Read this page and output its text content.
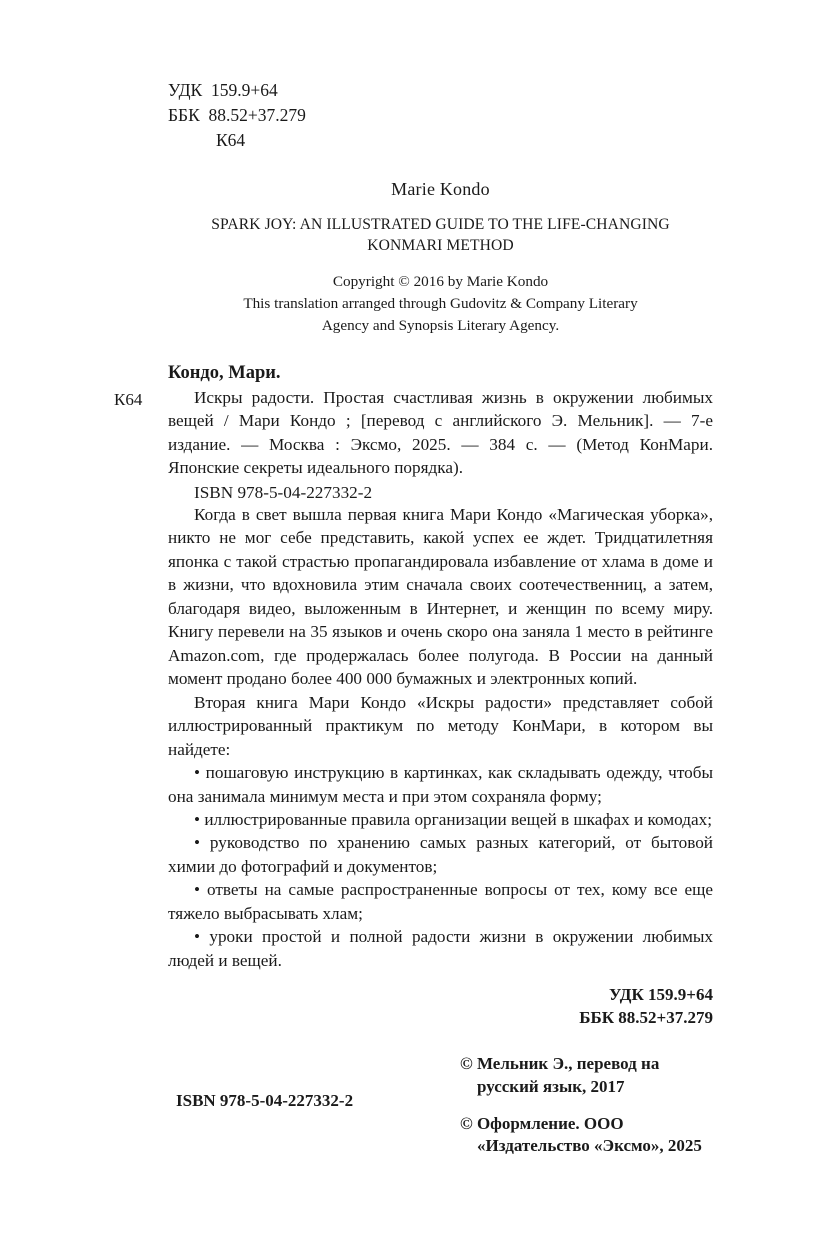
УДК  159.9+64
ББК  88.52+37.279
К64
Marie Kondo
SPARK JOY: AN ILLUSTRATED GUIDE TO THE LIFE-CHANGING
KONMARI METHOD
Copyright © 2016 by Marie Kondo
This translation arranged through Gudovitz & Company Literary
Agency and Synopsis Literary Agency.
К64
Кондо, Мари.
Искры радости. Простая счастливая жизнь в окружении любимых вещей / Мари Кондо ; [перевод с английского Э. Мельник]. — 7-е издание. — Москва : Эксмо, 2025. — 384 с. — (Метод КонМари. Японские секреты идеального порядка).
ISBN 978-5-04-227332-2

Когда в свет вышла первая книга Мари Кондо «Магическая уборка», никто не мог себе представить, какой успех ее ждет. Тридцатилетняя японка с такой страстью пропагандировала избавление от хлама в доме и в жизни, что вдохновила этим сначала своих соотечественниц, а затем, благодаря видео, выложенным в Интернет, и женщин по всему миру. Книгу перевели на 35 языков и очень скоро она заняла 1 место в рейтинге Amazon.com, где продержалась более полугода. В России на данный момент продано более 400 000 бумажных и электронных копий.

Вторая книга Мари Кондо «Искры радости» представляет собой иллюстрированный практикум по методу КонМари, в котором вы найдете:

• пошаговую инструкцию в картинках, как складывать одежду, чтобы она занимала минимум места и при этом сохраняла форму;

• иллюстрированные правила организации вещей в шкафах и комодах;

• руководство по хранению самых разных категорий, от бытовой химии до фотографий и документов;

• ответы на самые распространенные вопросы от тех, кому все еще тяжело выбрасывать хлам;

• уроки простой и полной радости жизни в окружении любимых людей и вещей.

УДК 159.9+64
ББК 88.52+37.279
© Мельник Э., перевод на русский язык, 2017
© Оформление. ООО «Издательство «Эксмо», 2025
ISBN 978-5-04-227332-2
